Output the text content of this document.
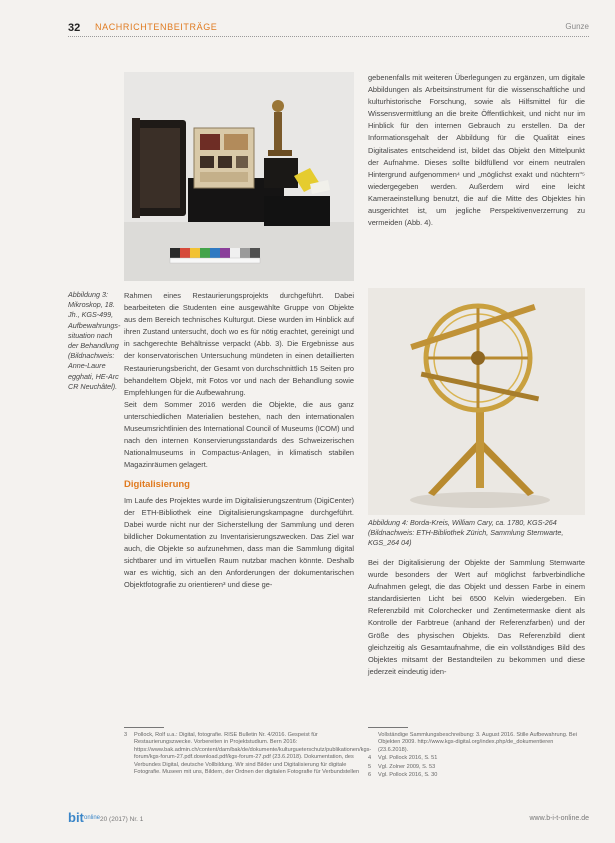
32 NACHRICHTENBEITRÄGE	Gunze
Abbildung 3: Mikroskop, 18. Jh., KGS-499, Aufbewahrungs-situation nach der Behandlung (Bildnachweis: Anne-Laure egghati, HE-Arc CR Neuchâtel).

Rahmen eines Restaurierungsprojekts durchgeführt. Dabei bearbeiteten die Studenten eine ausgewählte Gruppe von Objekte aus dem Bereich technisches Kulturgut. Diese wurden im Hinblick auf ihren Zustand untersucht, doch wo es für nötig erachtet, gereinigt und in sachgerechte Behältnisse verpackt (Abb. 3). Die Ergebnisse aus der konservatorischen Untersuchung mündeten in einen detaillierten Restaurierungsbericht, der Gesamt von durchschnittlich 15 Seiten pro behandeltem Objekt, mit Fotos vor und nach der Behandlung sowie Empfehlungen für die Aufbewahrung.

Seit dem Sommer 2016 werden die Objekte, die aus ganz unterschiedlichen Materialien bestehen, nach den internationalen Museumsrichtlinien des International Council of Museums (ICOM) und nach den internen Konservierungsstandards des Schweizerischen Nationalmuseums in Compactus-Anlagen, in klimatisch stabilen Magazinräumen gelagert.

Digitalisierung

Im Laufe des Projektes wurde im Digitalisierungszentrum (DigiCenter) der ETH-Bibliothek eine Digitalisierungskampagne durchgeführt. Dabei wurde nicht nur der Sicherstellung der Sammlung und deren bildlicher Dokumentation zu Inventarisierungszwecken. Das Ziel war auch, die Objekte so aufzunehmen, dass man die Sammlung digital sichtbarer und im virtuellen Raum nutzbar machen könnte. Deshalb war es wichtig, sich an den Anforderungen der dokumentarischen Objektfotografie zu orientieren³ und diese ge-

gebenenfalls mit weiteren Überlegungen zu ergänzen, um digitale Abbildungen als Arbeitsinstrument für die wissenschaftliche und kulturhistorische Forschung, sowie als Hilfsmittel für die Wissensvermittlung an die breite Öffentlichkeit, und nicht nur im Hinblick für den internen Gebrauch zu erstellen. Da der Informationsgehalt der Abbildung für die Qualität eines Digitalisates entscheidend ist, bildet das Objekt den Mittelpunkt der Aufnahme. Dieses sollte bildfüllend vor einem neutralen Hintergrund aufgenommen⁴ und „möglichst exakt und nüchtern“⁵ wiedergegeben werden. Außerdem wird eine leicht Kameraeinstellung benutzt, die auf die Mitte des Objektes hin ausgerichtet ist, um jegliche Perspektivenverzerrung zu vermeiden (Abb. 4).

Abbildung 4: Borda-Kreis, William Cary, ca. 1780, KGS-264 (Bildnachweis: ETH-Bibliothek Zürich, Sammlung Sternwarte, KGS_264 04)

Bei der Digitalisierung der Objekte der Sammlung Sternwarte wurde besonders der Wert auf möglichst farbverbindliche Aufnahmen gelegt, die das Objekt und dessen Farbe in einem standardisierten Licht bei 6500 Kelvin wiedergeben. Ein Referenzbild mit Colorchecker und Zentimetermaske dient als Kontrolle der Farbtreue (anhand der Referenzfarben) und der Größe des physischen Objekts. Das Referenzbild dient gleichzeitig als Gesamtaufnahme, die ein vollständiges Bild des Objektes mitsamt der Bestandteilen zu bekommen und diese jederzeit eindeutig iden-

3	Pollock, Rolf u.a.: Digital, fotografie. RISE Bulletin Nr. 4/2016. Gespeist für Restaurierungszwecke. Vorbereiten in Projektstudium. Bern 2016: https://www.bak.admin.ch/content/dam/bak/de/dokumente/kulturgueterschutz/publikationen/kgs-forum/kgs-forum-27.pdf.download.pdf/kgs-forum-27.pdf (23.6.2018). Dokumentation, des Verbundes Digital, deutsche Vollbildung. Wir sind Bilder und Digitalisierung für digitale Fotografie. Museen mit uns, Bildern, der Ordnen der digitalen Fotografie für Verbundstellen
Vollständige Sammlungsbeschreibung: 3. August 2016. Stille Aufbewahrung. Bei Objekten 2009. http://www.kgs-digital.org/index.php/de_dokumentieren (23.6.2018).
4	Vgl. Pollock 2016, S. 51
5	Vgl. Zolner 2009, S. 53
6	Vgl. Pollock 2016, S. 30
bit online 20 (2017) Nr. 1	www.b-i-t-online.de
